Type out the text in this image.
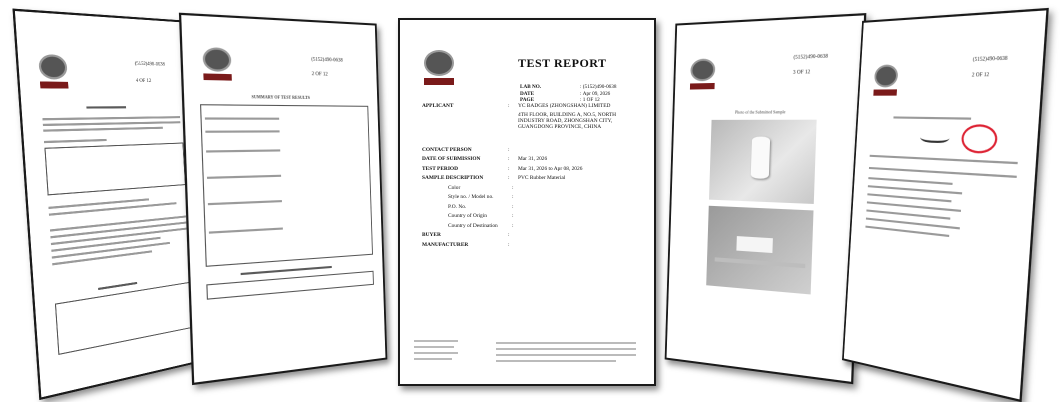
(5152)490-0638
4 OF 12
(5152)490-0638
2 OF 12
SUMMARY OF TEST RESULTS
TEST REPORT
LAB NO.	: (5152)490-0638
DATE	: Apr 09, 2026
PAGE	: 1 OF 12
APPLICANT	:	YC BADGES (ZHONGSHAN) LIMITED
4TH FLOOR, BUILDING A, NO.5, NORTH INDUSTRY ROAD, ZHONGSHAN CITY, GUANGDONG PROVINCE, CHINA
CONTACT PERSON	:
DATE OF SUBMISSION	:	Mar 31, 2026
TEST PERIOD	:	Mar 31, 2026 to Apr 08, 2026
SAMPLE DESCRIPTION	:	PVC Rubber Material
Color	:
Style no. / Model no.	:
P.O. No.	:
Country of Origin	:
Country of Destination	:
BUYER	:
MANUFACTURER	:
(5152)490-0638
3 OF 12
Photo of the Submitted Sample
(5152)490-0638
2 OF 12
